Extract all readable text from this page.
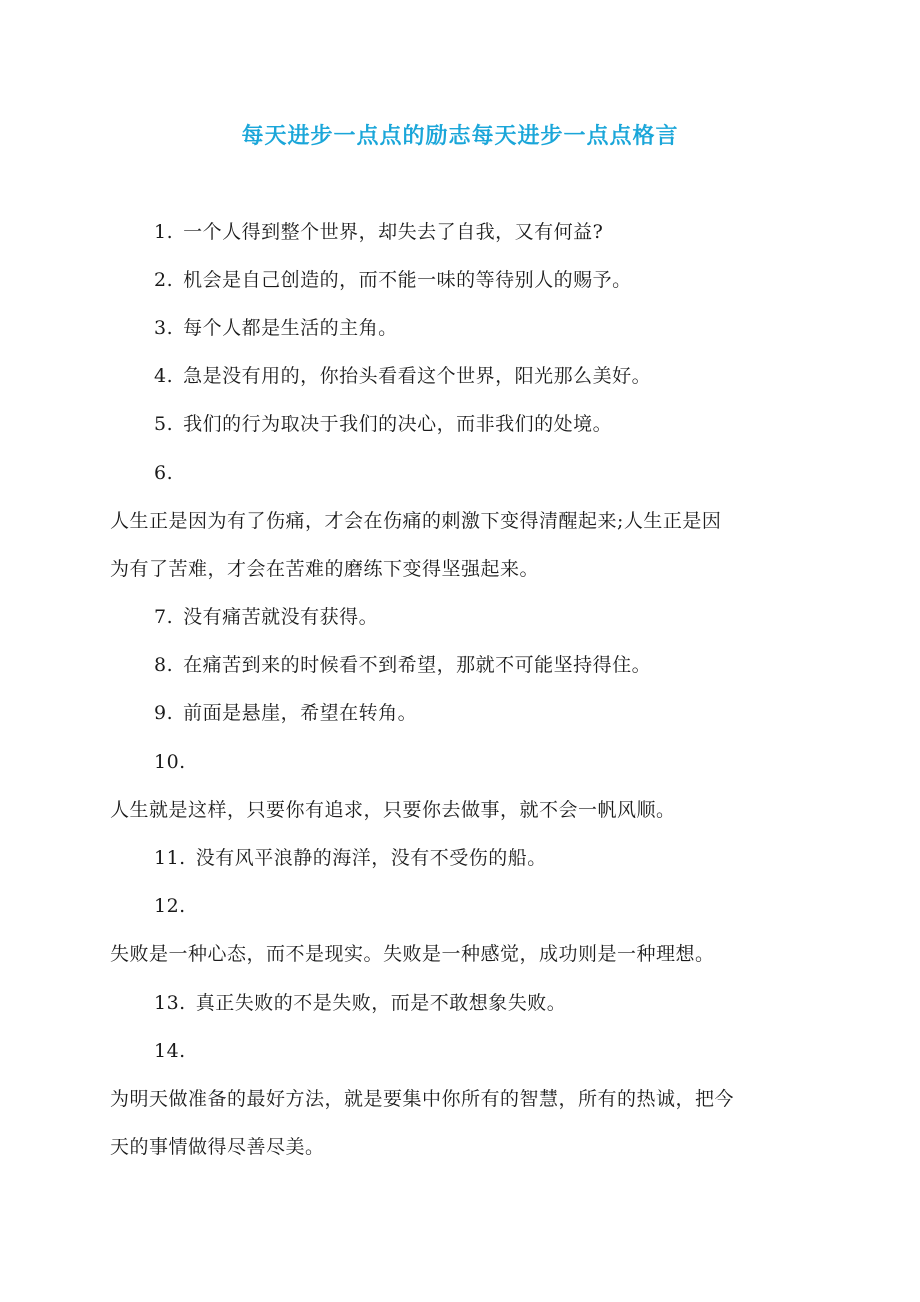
每天进步一点点的励志每天进步一点点格言
1. 一个人得到整个世界，却失去了自我，又有何益?
2. 机会是自己创造的，而不能一味的等待别人的赐予。
3. 每个人都是生活的主角。
4. 急是没有用的，你抬头看看这个世界，阳光那么美好。
5. 我们的行为取决于我们的决心，而非我们的处境。
6.
人生正是因为有了伤痛，才会在伤痛的刺激下变得清醒起来;人生正是因
为有了苦难，才会在苦难的磨练下变得坚强起来。
7. 没有痛苦就没有获得。
8. 在痛苦到来的时候看不到希望，那就不可能坚持得住。
9. 前面是悬崖，希望在转角。
10.
人生就是这样，只要你有追求，只要你去做事，就不会一帆风顺。
11. 没有风平浪静的海洋，没有不受伤的船。
12.
失败是一种心态，而不是现实。失败是一种感觉，成功则是一种理想。
13. 真正失败的不是失败，而是不敢想象失败。
14.
为明天做准备的最好方法，就是要集中你所有的智慧，所有的热诚，把今
天的事情做得尽善尽美。
